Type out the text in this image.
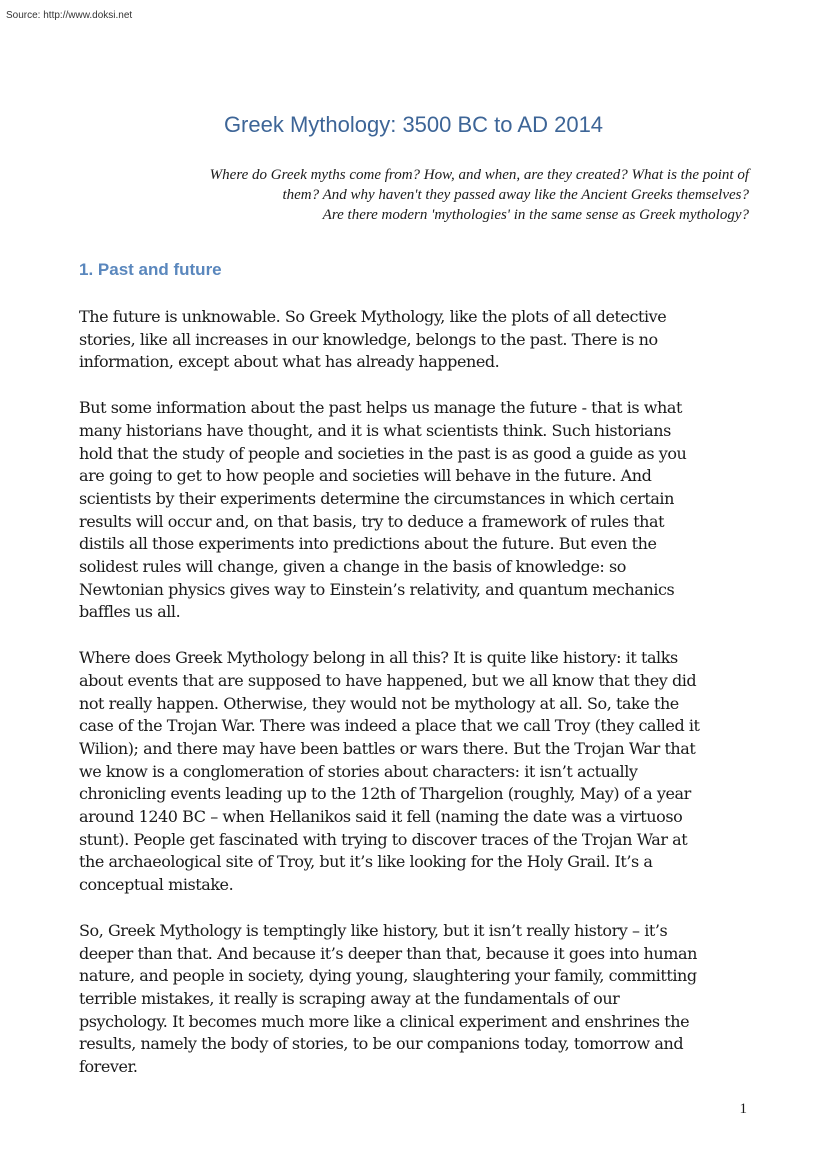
Source: http://www.doksi.net
Greek Mythology: 3500 BC to AD 2014
Where do Greek myths come from? How, and when, are they created? What is the point of
them? And why haven't they passed away like the Ancient Greeks themselves?
Are there modern 'mythologies' in the same sense as Greek mythology?
1. Past and future

The future is unknowable. So Greek Mythology, like the plots of all detective
stories, like all increases in our knowledge, belongs to the past. There is no
information, except about what has already happened.

But some information about the past helps us manage the future - that is what
many historians have thought, and it is what scientists think. Such historians
hold that the study of people and societies in the past is as good a guide as you
are going to get to how people and societies will behave in the future. And
scientists by their experiments determine the circumstances in which certain
results will occur and, on that basis, try to deduce a framework of rules that
distils all those experiments into predictions about the future. But even the
solidest rules will change, given a change in the basis of knowledge: so
Newtonian physics gives way to Einstein’s relativity, and quantum mechanics
baffles us all.

Where does Greek Mythology belong in all this? It is quite like history: it talks
about events that are supposed to have happened, but we all know that they did
not really happen. Otherwise, they would not be mythology at all. So, take the
case of the Trojan War. There was indeed a place that we call Troy (they called it
Wilion); and there may have been battles or wars there. But the Trojan War that
we know is a conglomeration of stories about characters: it isn’t actually
chronicling events leading up to the 12th of Thargelion (roughly, May) of a year
around 1240 BC – when Hellanikos said it fell (naming the date was a virtuoso
stunt). People get fascinated with trying to discover traces of the Trojan War at
the archaeological site of Troy, but it’s like looking for the Holy Grail. It’s a
conceptual mistake.

So, Greek Mythology is temptingly like history, but it isn’t really history – it’s
deeper than that. And because it’s deeper than that, because it goes into human
nature, and people in society, dying young, slaughtering your family, committing
terrible mistakes, it really is scraping away at the fundamentals of our
psychology. It becomes much more like a clinical experiment and enshrines the
results, namely the body of stories, to be our companions today, tomorrow and
forever.

1
